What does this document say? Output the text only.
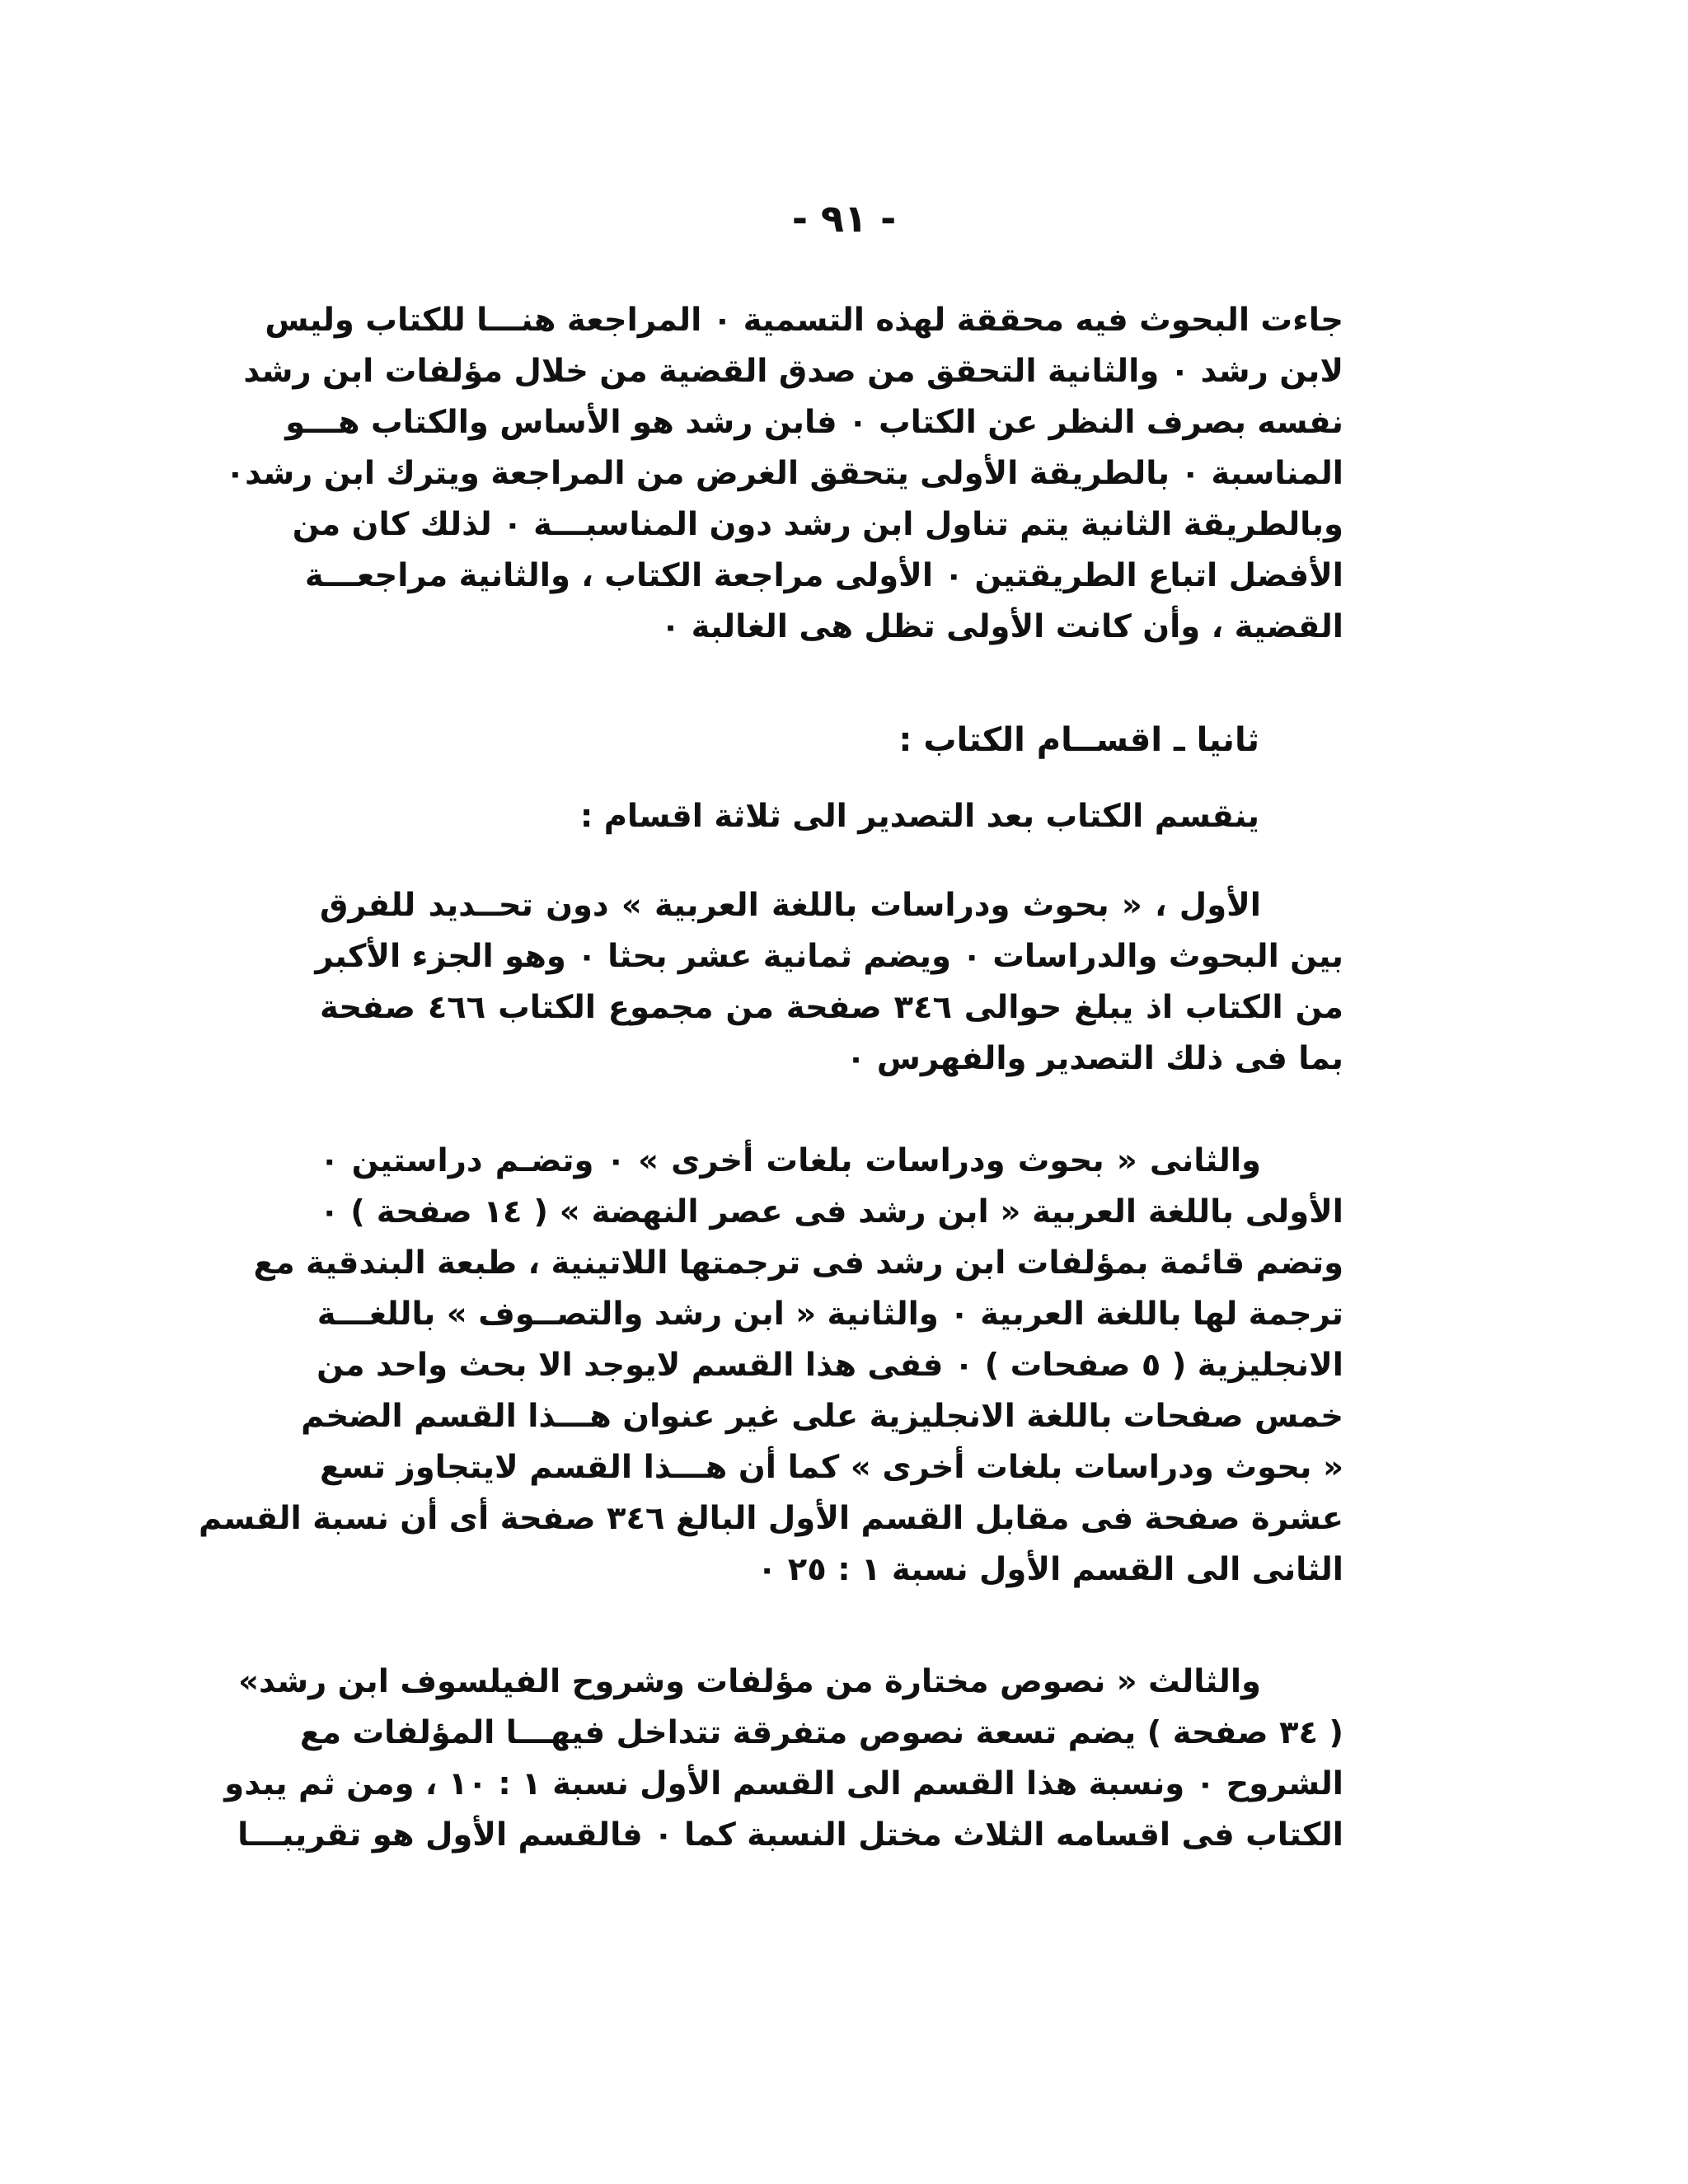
- ٩١ -
جاءت البحوث فيه محققة لهذه التسمية ٠ المراجعة هنـــا للكتاب وليس
لابن رشد ٠ والثانية التحقق من صدق القضية من خلال مؤلفات ابن رشد
نفسه بصرف النظر عن الكتاب ٠ فابن رشد هو الأساس والكتاب هـــو
المناسبة ٠ بالطريقة الأولى يتحقق الغرض من المراجعة ويترك ابن رشد٠
وبالطريقة الثانية يتم تناول ابن رشد دون المناسبـــة ٠ لذلك كان من
الأفضل اتباع الطريقتين ٠ الأولى مراجعة الكتاب ، والثانية مراجعـــة
القضية ، وأن كانت الأولى تظل هى الغالبة ٠
ثانيا ـ اقســام الكتاب :
ينقسم الكتاب بعد التصدير الى ثلاثة اقسام :
الأول ، « بحوث ودراسات باللغة العربية » دون تحــديد للفرق
بين البحوث والدراسات ٠ ويضم ثمانية عشر بحثا ٠ وهو الجزء الأكبر
من الكتاب اذ يبلغ حوالى ٣٤٦ صفحة من مجموع الكتاب ٤٦٦ صفحة
بما فى ذلك التصدير والفهرس ٠
والثانى « بحوث ودراسات بلغات أخرى » ٠ وتضـم دراستين ٠
الأولى باللغة العربية « ابن رشد فى عصر النهضة » ( ١٤ صفحة ) ٠
وتضم قائمة بمؤلفات ابن رشد فى ترجمتها اللاتينية ، طبعة البندقية مع
ترجمة لها باللغة العربية ٠ والثانية « ابن رشد والتصــوف » باللغـــة
الانجليزية ( ٥ صفحات ) ٠ ففى هذا القسم لايوجد الا بحث واحد من
خمس صفحات باللغة الانجليزية على غير عنوان هـــذا القسم الضخم
« بحوث ودراسات بلغات أخرى » كما أن هـــذا القسم لايتجاوز تسع
عشرة صفحة فى مقابل القسم الأول البالغ ٣٤٦ صفحة أى أن نسبة القسم
الثانى الى القسم الأول نسبة ١ : ٢٥ ٠
والثالث « نصوص مختارة من مؤلفات وشروح الفيلسوف ابن رشد»
( ٣٤ صفحة ) يضم تسعة نصوص متفرقة تتداخل فيهـــا المؤلفات مع
الشروح ٠ ونسبة هذا القسم الى القسم الأول نسبة ١ : ١٠ ، ومن ثم يبدو
الكتاب فى اقسامه الثلاث مختل النسبة كما ٠ فالقسم الأول هو تقريبـــا
